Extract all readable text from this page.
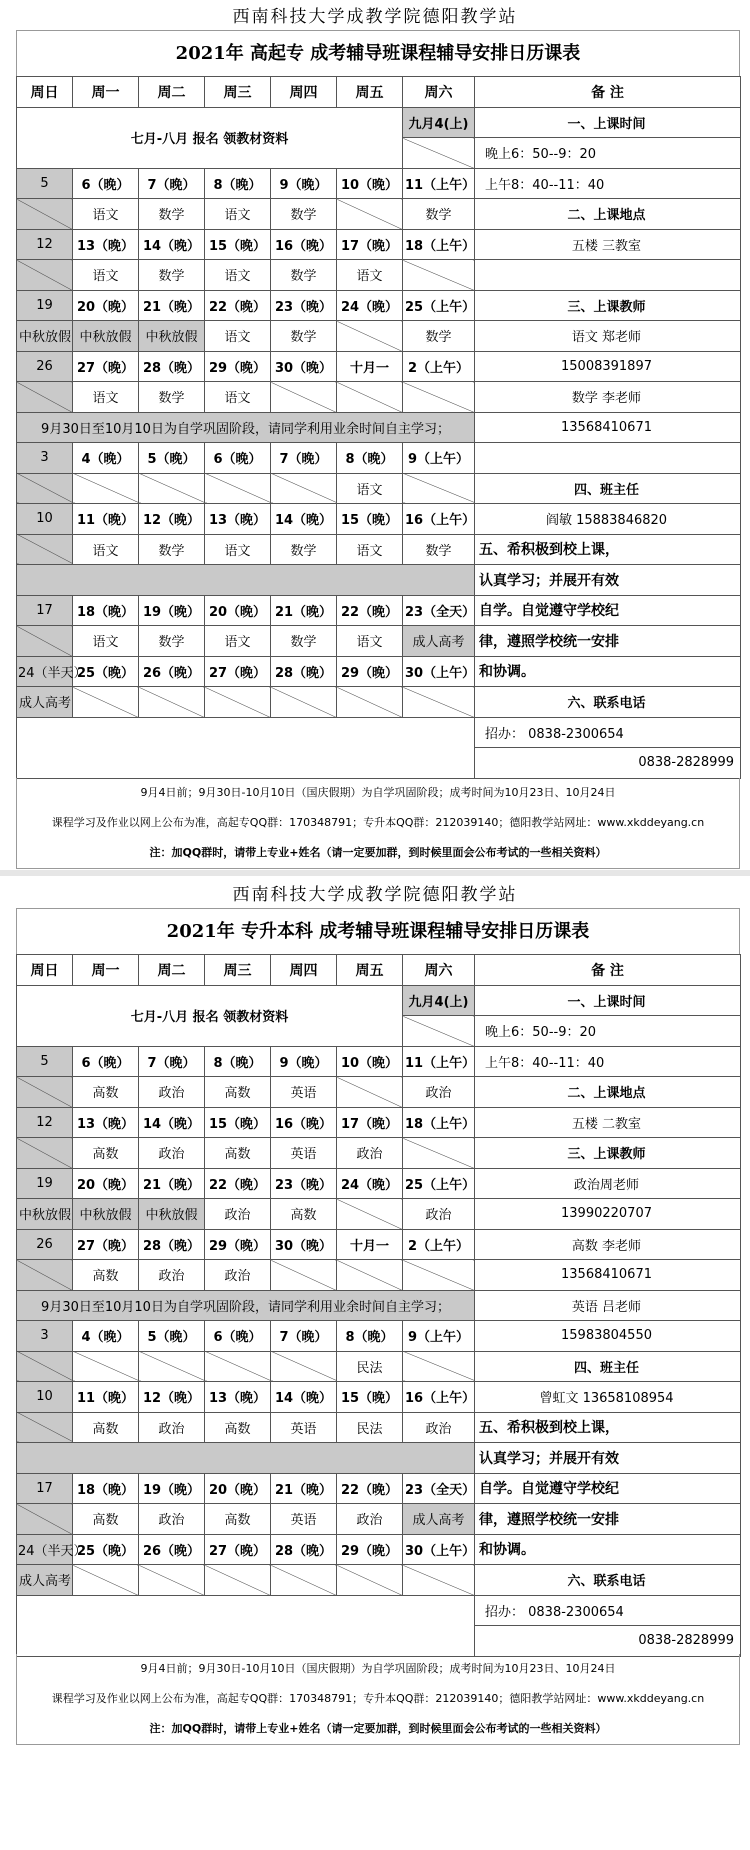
西南科技大学成教学院德阳教学站
2021年 高起专 成考辅导班课程辅导安排日历课表
周日	周一	周二	周三	周四	周五	周六	备 注
七月-八月 报名 领教材资料						九月4(上)	一、上课时间
							晚上6：50--9：20
5	6（晚）	7（晚）	8（晚）	9（晚）	10（晚）	11（上午）	上午8：40--11：40
	语文	数学	语文	数学		数学	二、上课地点
12	13（晚）	14（晚）	15（晚）	16（晚）	17（晚）	18（上午）	五楼 三教室
	语文	数学	语文	数学	语文		
19	20（晚）	21（晚）	22（晚）	23（晚）	24（晚）	25（上午）	三、上课教师
中秋放假	中秋放假	中秋放假	语文	数学		数学	语文 郑老师
26	27（晚）	28（晚）	29（晚）	30（晚）	十月一	2（上午）	15008391897
	语文	数学	语文				数学 李老师
9月30日至10月10日为自学巩固阶段，请同学利用业余时间自主学习；							13568410671
3	4（晚）	5（晚）	6（晚）	7（晚）	8（晚）	9（上午）	
					语文		四、班主任
10	11（晚）	12（晚）	13（晚）	14（晚）	15（晚）	16（上午）	阎敏 15883846820
	语文	数学	语文	数学	语文	数学	五、希积极到校上课，
							认真学习；并展开有效
17	18（晚）	19（晚）	20（晚）	21（晚）	22（晚）	23（全天）	自学。自觉遵守学校纪
	语文	数学	语文	数学	语文	成人高考	律，遵照学校统一安排
24（半天）	25（晚）	26（晚）	27（晚）	28（晚）	29（晚）	30（上午）	和协调。
成人高考							六、联系电话
							招办： 0838-2300654
							0838-2828999
9月4日前；9月30日-10月10日（国庆假期）为自学巩固阶段；成考时间为10月23日、10月24日
课程学习及作业以网上公布为准，高起专QQ群：170348791；专升本QQ群：212039140；德阳教学站网址：www.xkddeyang.cn
注：加QQ群时，请带上专业+姓名（请一定要加群，到时候里面会公布考试的一些相关资料）
西南科技大学成教学院德阳教学站
2021年 专升本科 成考辅导班课程辅导安排日历课表
周日	周一	周二	周三	周四	周五	周六	备 注
七月-八月 报名 领教材资料						九月4(上)	一、上课时间
							晚上6：50--9：20
5	6（晚）	7（晚）	8（晚）	9（晚）	10（晚）	11（上午）	上午8：40--11：40
	高数	政治	高数	英语		政治	二、上课地点
12	13（晚）	14（晚）	15（晚）	16（晚）	17（晚）	18（上午）	五楼 二教室
	高数	政治	高数	英语	政治		三、上课教师
19	20（晚）	21（晚）	22（晚）	23（晚）	24（晚）	25（上午）	政治周老师
中秋放假	中秋放假	中秋放假	政治	高数		政治	13990220707
26	27（晚）	28（晚）	29（晚）	30（晚）	十月一	2（上午）	高数 李老师
	高数	政治	政治				13568410671
9月30日至10月10日为自学巩固阶段，请同学利用业余时间自主学习；							英语 吕老师
3	4（晚）	5（晚）	6（晚）	7（晚）	8（晚）	9（上午）	15983804550
					民法		四、班主任
10	11（晚）	12（晚）	13（晚）	14（晚）	15（晚）	16（上午）	曾虹文 13658108954
	高数	政治	高数	英语	民法	政治	五、希积极到校上课，
							认真学习；并展开有效
17	18（晚）	19（晚）	20（晚）	21（晚）	22（晚）	23（全天）	自学。自觉遵守学校纪
	高数	政治	高数	英语	政治	成人高考	律，遵照学校统一安排
24（半天）	25（晚）	26（晚）	27（晚）	28（晚）	29（晚）	30（上午）	和协调。
成人高考							六、联系电话
							招办： 0838-2300654
							0838-2828999
9月4日前；9月30日-10月10日（国庆假期）为自学巩固阶段；成考时间为10月23日、10月24日
课程学习及作业以网上公布为准，高起专QQ群：170348791；专升本QQ群：212039140；德阳教学站网址：www.xkddeyang.cn
注：加QQ群时，请带上专业+姓名（请一定要加群，到时候里面会公布考试的一些相关资料）
